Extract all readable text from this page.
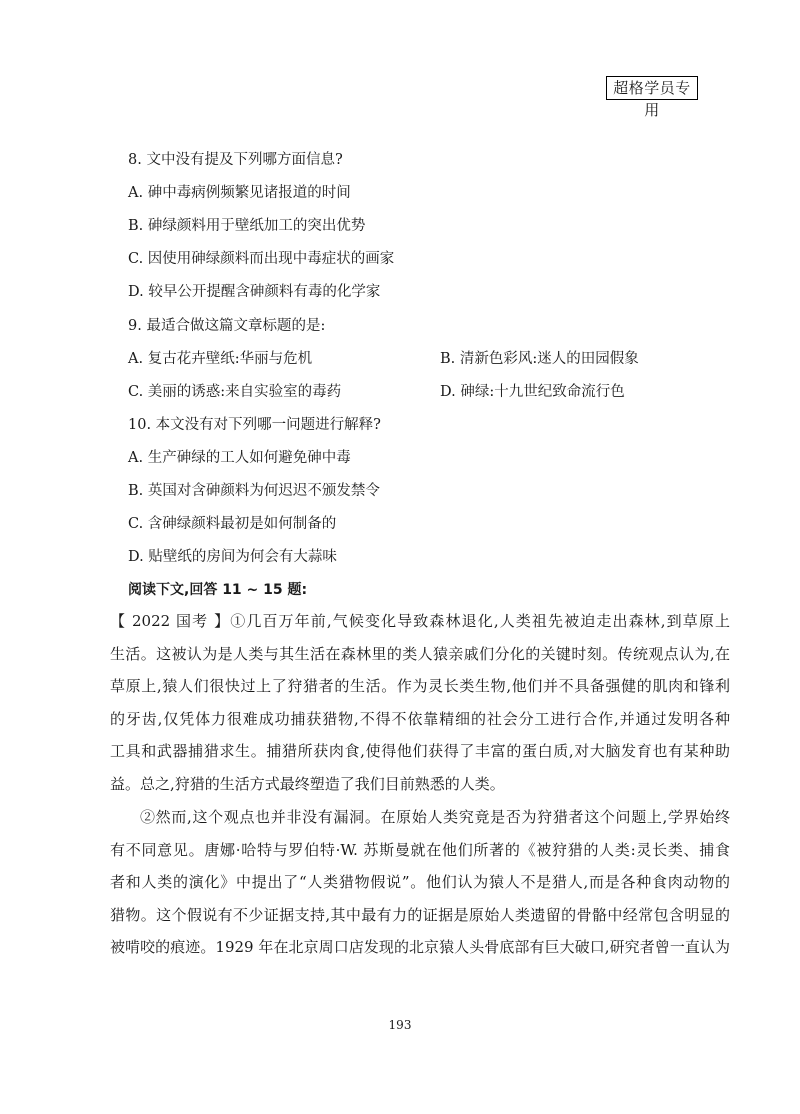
超格学员专用
8. 文中没有提及下列哪方面信息?
A. 砷中毒病例频繁见诸报道的时间
B. 砷绿颜料用于壁纸加工的突出优势
C. 因使用砷绿颜料而出现中毒症状的画家
D. 较早公开提醒含砷颜料有毒的化学家
9. 最适合做这篇文章标题的是:
A. 复古花卉壁纸:华丽与危机	B. 清新色彩风:迷人的田园假象
C. 美丽的诱惑:来自实验室的毒药	D. 砷绿:十九世纪致命流行色
10. 本文没有对下列哪一问题进行解释?
A. 生产砷绿的工人如何避免砷中毒
B. 英国对含砷颜料为何迟迟不颁发禁令
C. 含砷绿颜料最初是如何制备的
D. 贴壁纸的房间为何会有大蒜味
阅读下文,回答 11 ~ 15 题:

【 2022 国考 】①几百万年前,气候变化导致森林退化,人类祖先被迫走出森林,到草原上

生活。这被认为是人类与其生活在森林里的类人猿亲戚们分化的关键时刻。传统观点认为,在

草原上,猿人们很快过上了狩猎者的生活。作为灵长类生物,他们并不具备强健的肌肉和锋利

的牙齿,仅凭体力很难成功捕获猎物,不得不依靠精细的社会分工进行合作,并通过发明各种

工具和武器捕猎求生。捕猎所获肉食,使得他们获得了丰富的蛋白质,对大脑发育也有某种助

益。总之,狩猎的生活方式最终塑造了我们目前熟悉的人类。

②然而,这个观点也并非没有漏洞。在原始人类究竟是否为狩猎者这个问题上,学界始终

有不同意见。唐娜·哈特与罗伯特·W. 苏斯曼就在他们所著的《被狩猎的人类:灵长类、捕食

者和人类的演化》中提出了“人类猎物假说”。他们认为猿人不是猎人,而是各种食肉动物的

猎物。这个假说有不少证据支持,其中最有力的证据是原始人类遗留的骨骼中经常包含明显的

被啃咬的痕迹。1929 年在北京周口店发现的北京猿人头骨底部有巨大破口,研究者曾一直认为

193
